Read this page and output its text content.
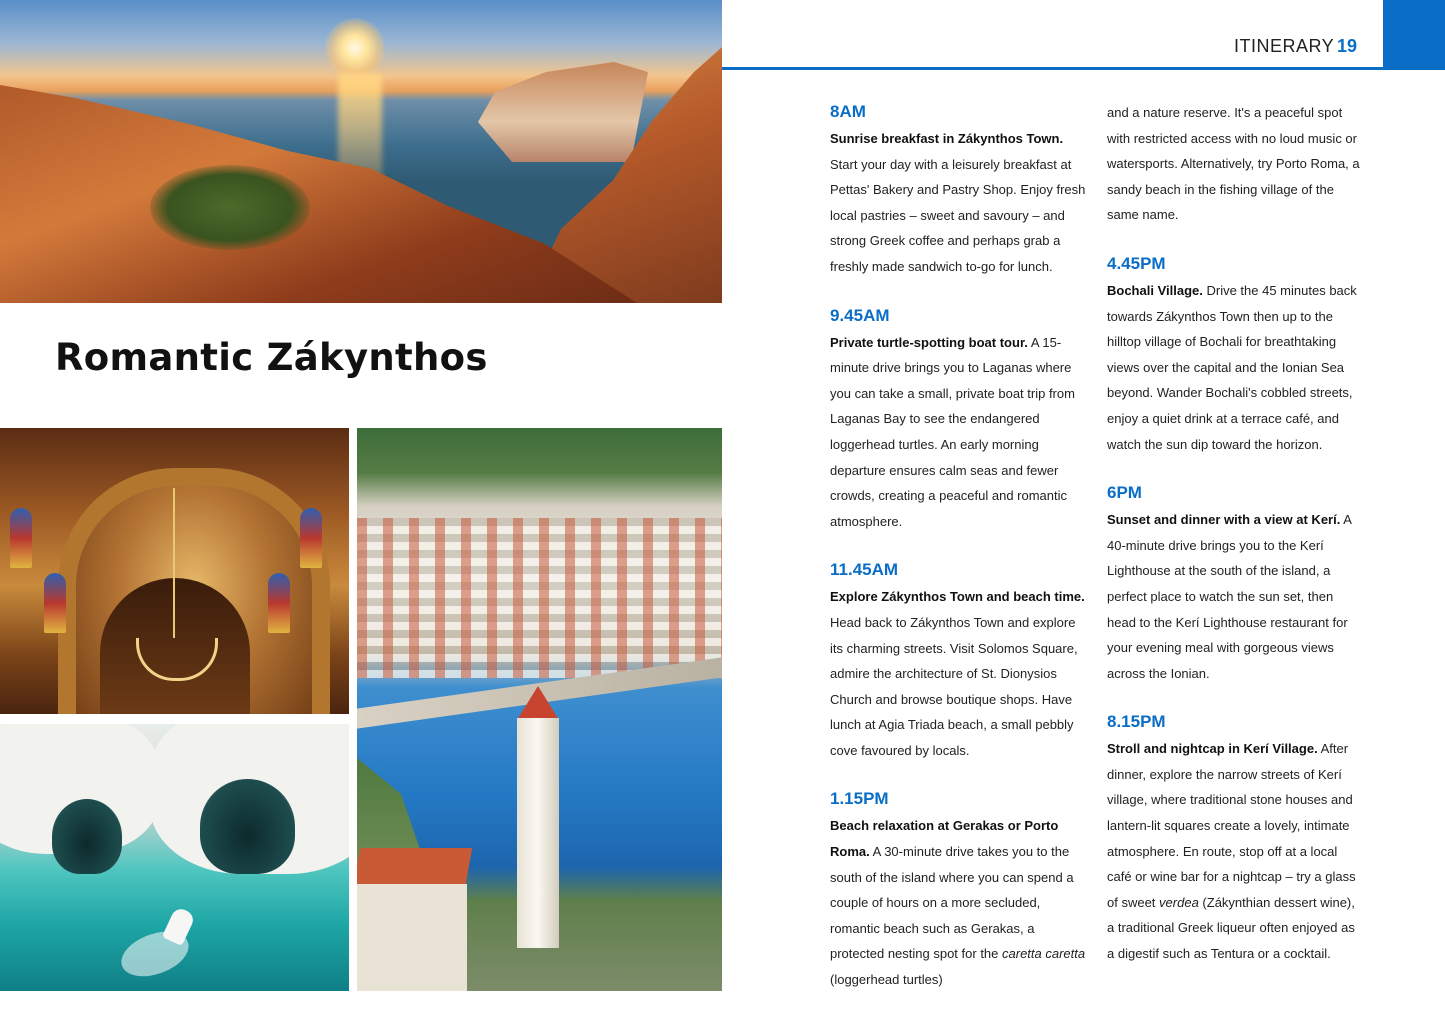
Romantic Zákynthos
ITINERARY 19
8AM
Sunrise breakfast in Zákynthos Town. Start your day with a leisurely breakfast at Pettas' Bakery and Pastry Shop. Enjoy fresh local pastries – sweet and savoury – and strong Greek coffee and perhaps grab a freshly made sandwich to-go for lunch.
9.45AM
Private turtle-spotting boat tour. A 15-minute drive brings you to Laganas where you can take a small, private boat trip from Laganas Bay to see the endangered loggerhead turtles. An early morning departure ensures calm seas and fewer crowds, creating a peaceful and romantic atmosphere.
11.45AM
Explore Zákynthos Town and beach time. Head back to Zákynthos Town and explore its charming streets. Visit Solomos Square, admire the architecture of St. Dionysios Church and browse boutique shops. Have lunch at Agia Triada beach, a small pebbly cove favoured by locals.
1.15PM
Beach relaxation at Gerakas or Porto Roma. A 30-minute drive takes you to the south of the island where you can spend a couple of hours on a more secluded, romantic beach such as Gerakas, a protected nesting spot for the caretta caretta (loggerhead turtles)
and a nature reserve. It's a peaceful spot with restricted access with no loud music or watersports. Alternatively, try Porto Roma, a sandy beach in the fishing village of the same name.
4.45PM
Bochali Village. Drive the 45 minutes back towards Zákynthos Town then up to the hilltop village of Bochali for breathtaking views over the capital and the Ionian Sea beyond. Wander Bochali's cobbled streets, enjoy a quiet drink at a terrace café, and watch the sun dip toward the horizon.
6PM
Sunset and dinner with a view at Kerí. A 40-minute drive brings you to the Kerí Lighthouse at the south of the island, a perfect place to watch the sun set, then head to the Kerí Lighthouse restaurant for your evening meal with gorgeous views across the Ionian.
8.15PM
Stroll and nightcap in Kerí Village. After dinner, explore the narrow streets of Kerí village, where traditional stone houses and lantern-lit squares create a lovely, intimate atmosphere. En route, stop off at a local café or wine bar for a nightcap – try a glass of sweet verdea (Zákynthian dessert wine), a traditional Greek liqueur often enjoyed as a digestif such as Tentura or a cocktail.
